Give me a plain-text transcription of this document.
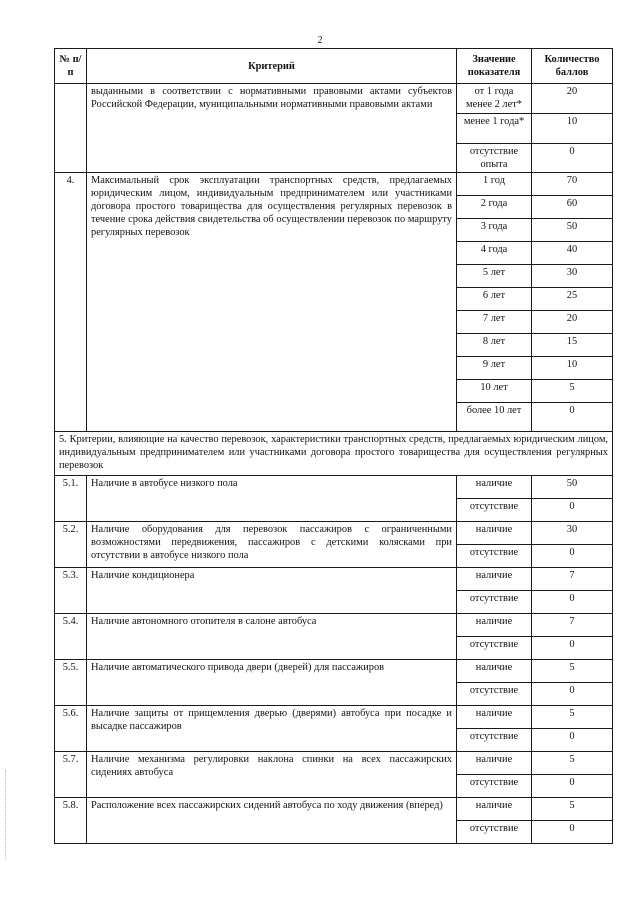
2
№ п/п	Критерий	Значение показателя	Количество баллов
	выданными в соответствии с нормативными правовыми актами субъектов Российской Федерации, муниципальными нормативными правовыми актами	от 1 года менее 2 лет*	20
		менее 1 года*	10
		отсутствие опыта	0
4.	Максимальный срок эксплуатации транспортных средств, предлагаемых юридическим лицом, индивидуальным предпринимателем или участниками договора простого товарищества для осуществления регулярных перевозок в течение срока действия свидетельства об осуществлении перевозок по маршруту регулярных перевозок	1 год	70
		2 года	60
		3 года	50
		4 года	40
		5 лет	30
		6 лет	25
		7 лет	20
		8 лет	15
		9 лет	10
		10 лет	5
		более 10 лет	0
5. Критерии, влияющие на качество перевозок, характеристики транспортных средств, предлагаемых юридическим лицом, индивидуальным предпринимателем или участниками договора простого товарищества для осуществления регулярных перевозок			
5.1.	Наличие в автобусе низкого пола	наличие	50
		отсутствие	0
5.2.	Наличие оборудования для перевозок пассажиров с ограниченными возможностями передвижения, пассажиров с детскими колясками при отсутствии в автобусе низкого пола	наличие	30
		отсутствие	0
5.3.	Наличие кондиционера	наличие	7
		отсутствие	0
5.4.	Наличие автономного отопителя в салоне автобуса	наличие	7
		отсутствие	0
5.5.	Наличие автоматического привода двери (дверей) для пассажиров	наличие	5
		отсутствие	0
5.6.	Наличие защиты от прищемления дверью (дверями) автобуса при посадке и высадке пассажиров	наличие	5
		отсутствие	0
5.7.	Наличие механизма регулировки наклона спинки на всех пассажирских сидениях автобуса	наличие	5
		отсутствие	0
5.8.	Расположение всех пассажирских сидений автобуса по ходу движения (вперед)	наличие	5
		отсутствие	0
